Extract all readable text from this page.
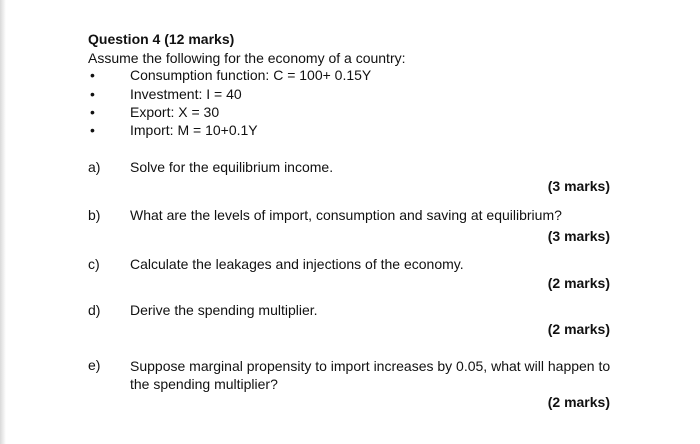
Question 4 (12 marks)
Assume the following for the economy of a country:
•	Consumption function: C = 100+ 0.15Y
•	Investment: I = 40
•	Export: X = 30
•	Import: M = 10+0.1Y
a) Solve for the equilibrium income.
(3 marks)
b) What are the levels of import, consumption and saving at equilibrium?
(3 marks)
c) Calculate the leakages and injections of the economy.
(2 marks)
d) Derive the spending multiplier.
(2 marks)
e) Suppose marginal propensity to import increases by 0.05, what will happen to the spending multiplier?
(2 marks)
